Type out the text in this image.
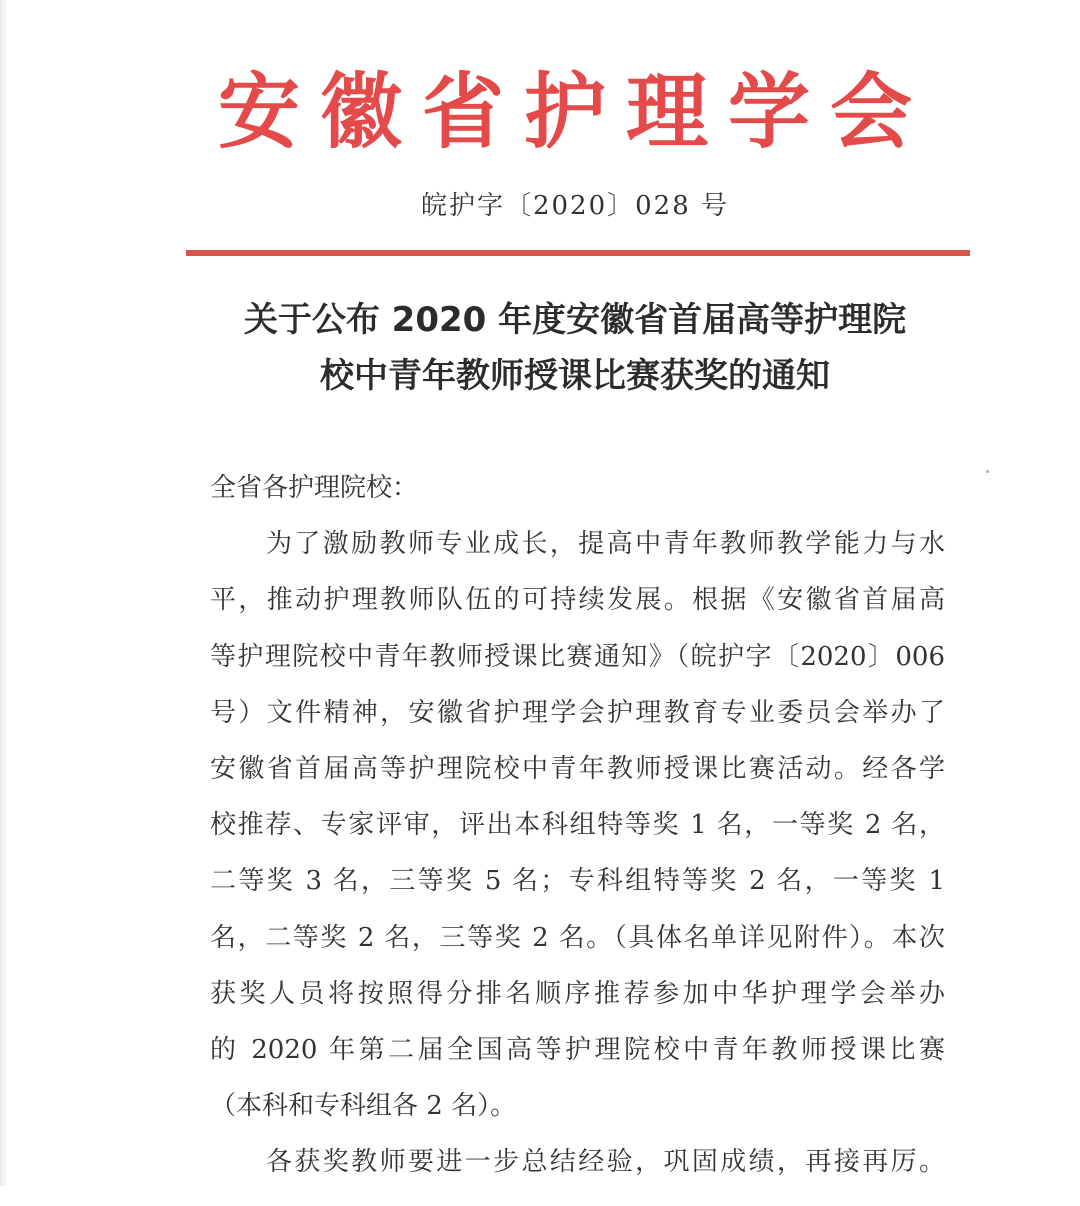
安徽省护理学会
皖护字〔2020〕028 号
关于公布 2020 年度安徽省首届高等护理院
校中青年教师授课比赛获奖的通知
全省各护理院校：
为了激励教师专业成长，提高中青年教师教学能力与水
平，推动护理教师队伍的可持续发展。根据《安徽省首届高
等护理院校中青年教师授课比赛通知》（皖护字〔2020〕006
号）文件精神，安徽省护理学会护理教育专业委员会举办了
安徽省首届高等护理院校中青年教师授课比赛活动。经各学
校推荐、专家评审，评出本科组特等奖 1 名，一等奖 2 名，
二等奖 3 名，三等奖 5 名；专科组特等奖 2 名，一等奖 1
名，二等奖 2 名，三等奖 2 名。（具体名单详见附件）。本次
获奖人员将按照得分排名顺序推荐参加中华护理学会举办
的 2020 年第二届全国高等护理院校中青年教师授课比赛
（本科和专科组各 2 名）。
各获奖教师要进一步总结经验，巩固成绩，再接再厉。
